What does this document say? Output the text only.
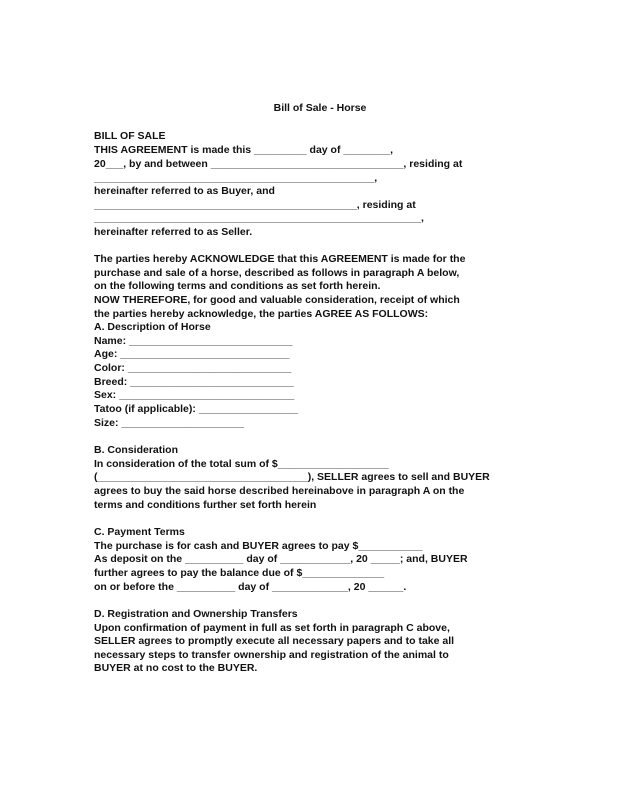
Bill of Sale - Horse
BILL OF SALE
THIS AGREEMENT is made this _________ day of ________,
20___, by and between _________________________________, residing at
________________________________________________,
hereinafter referred to as Buyer, and
_____________________________________________, residing at
________________________________________________________,
hereinafter referred to as Seller.
The parties hereby ACKNOWLEDGE that this AGREEMENT is made for the
purchase and sale of a horse, described as follows in paragraph A below,
on the following terms and conditions as set forth herein.
NOW THEREFORE, for good and valuable consideration, receipt of which
the parties hereby acknowledge, the parties AGREE AS FOLLOWS:
A. Description of Horse
Name: ____________________________
Age: _____________________________
Color: ____________________________
Breed: ____________________________
Sex: ______________________________
Tatoo (if applicable): _________________
Size: _____________________
B. Consideration
In consideration of the total sum of $___________________
(____________________________________), SELLER agrees to sell and BUYER
agrees to buy the said horse described hereinabove in paragraph A on the
terms and conditions further set forth herein
C. Payment Terms
The purchase is for cash and BUYER agrees to pay $___________
As deposit on the __________ day of ____________, 20 _____; and, BUYER
further agrees to pay the balance due of $______________
on or before the __________ day of _____________, 20 ______.
D. Registration and Ownership Transfers
Upon confirmation of payment in full as set forth in paragraph C above,
SELLER agrees to promptly execute all necessary papers and to take all
necessary steps to transfer ownership and registration of the animal to
BUYER at no cost to the BUYER.
